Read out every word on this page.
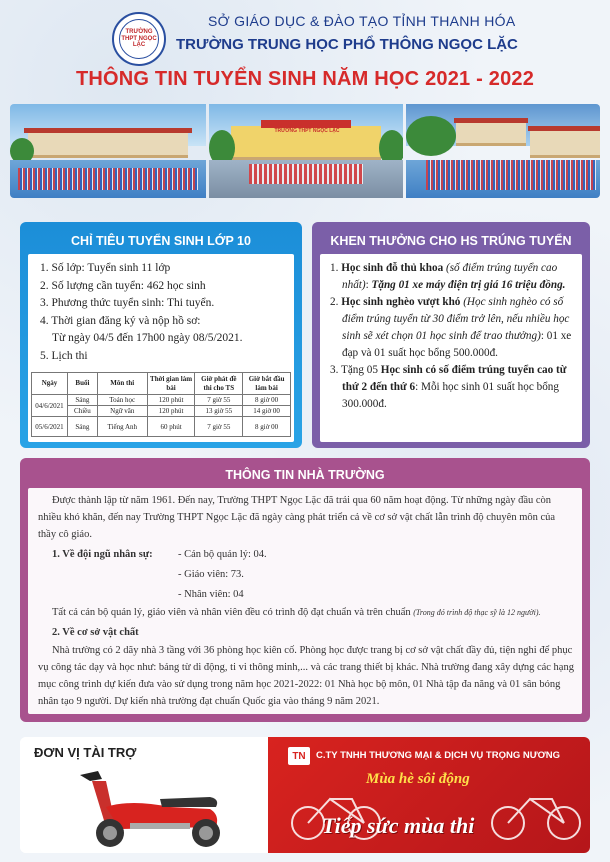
TRƯỜNG THPT NGỌC LẶC
SỞ GIÁO DỤC & ĐÀO TẠO TỈNH THANH HÓA
TRƯỜNG TRUNG HỌC PHỔ THÔNG NGỌC LẶC
THÔNG TIN TUYỂN SINH NĂM HỌC 2021 - 2022
TRƯỜNG THPT NGỌC LẶC
CHỈ TIÊU TUYỂN SINH LỚP 10
1. Số lớp: Tuyển sinh 11 lớp
2. Số lượng cần tuyển: 462 học sinh
3. Phương thức tuyển sinh: Thi tuyển.
4. Thời gian đăng ký và nộp hồ sơ:
Từ ngày 04/5 đến 17h00 ngày 08/5/2021.
5. Lịch thi
Ngày	Buổi	Môn thi	Thời gian làm bài	Giờ phát đề thi cho TS	Giờ bắt đầu làm bài
04/6/2021	Sáng	Toán học	120 phút	7 giờ 55	8 giờ 00
	Chiều	Ngữ văn	120 phút	13 giờ 55	14 giờ 00
05/6/2021	Sáng	Tiếng Anh	60 phút	7 giờ 55	8 giờ 00
KHEN THƯỞNG CHO HS TRÚNG TUYỂN
1. Học sinh đỗ thủ khoa (số điểm trúng tuyển cao nhất): Tặng 01 xe máy điện trị giá 16 triệu đồng.
2. Học sinh nghèo vượt khó (Học sinh nghèo có số điểm trúng tuyển từ 30 điểm trở lên, nếu nhiều học sinh sẽ xét chọn 01 học sinh để trao thưởng): 01 xe đạp và 01 suất học bổng 500.000đ.
3. Tặng 05 Học sinh có số điểm trúng tuyển cao từ thứ 2 đến thứ 6: Mỗi học sinh 01 suất học bổng 300.000đ.
THÔNG TIN NHÀ TRƯỜNG
Được thành lập từ năm 1961. Đến nay, Trường THPT Ngọc Lặc đã trải qua 60 năm hoạt động. Từ những ngày đầu còn nhiều khó khăn, đến nay Trường THPT Ngọc Lặc đã ngày càng phát triển cả về cơ sở vật chất lẫn trình độ chuyên môn của thầy cô giáo.
1. Về đội ngũ nhân sự: - Cán bộ quản lý: 04.
- Giáo viên: 73.
- Nhân viên: 04
Tất cả cán bộ quản lý, giáo viên và nhân viên đều có trình độ đạt chuẩn và trên chuẩn (Trong đó trình độ thạc sỹ là 12 người).
2. Về cơ sở vật chất
Nhà trường có 2 dãy nhà 3 tầng với 36 phòng học kiên cố. Phòng học được trang bị cơ sở vật chất đầy đủ, tiện nghi để phục vụ công tác dạy và học như: bảng từ di động, ti vi thông minh,... và các trang thiết bị khác. Nhà trường đang xây dựng các hạng mục công trình dự kiến đưa vào sử dụng trong năm học 2021-2022: 01 Nhà học bộ môn, 01 Nhà tập đa năng và 01 sân bóng nhân tạo 9 người. Dự kiến nhà trường đạt chuẩn Quốc gia vào tháng 9 năm 2021.
ĐƠN VỊ TÀI TRỢ	TN	C.TY TNHH THƯƠNG MẠI & DỊCH VỤ TRỌNG NƯƠNG
Mùa hè sôi động
Tiếp sức mùa thi
